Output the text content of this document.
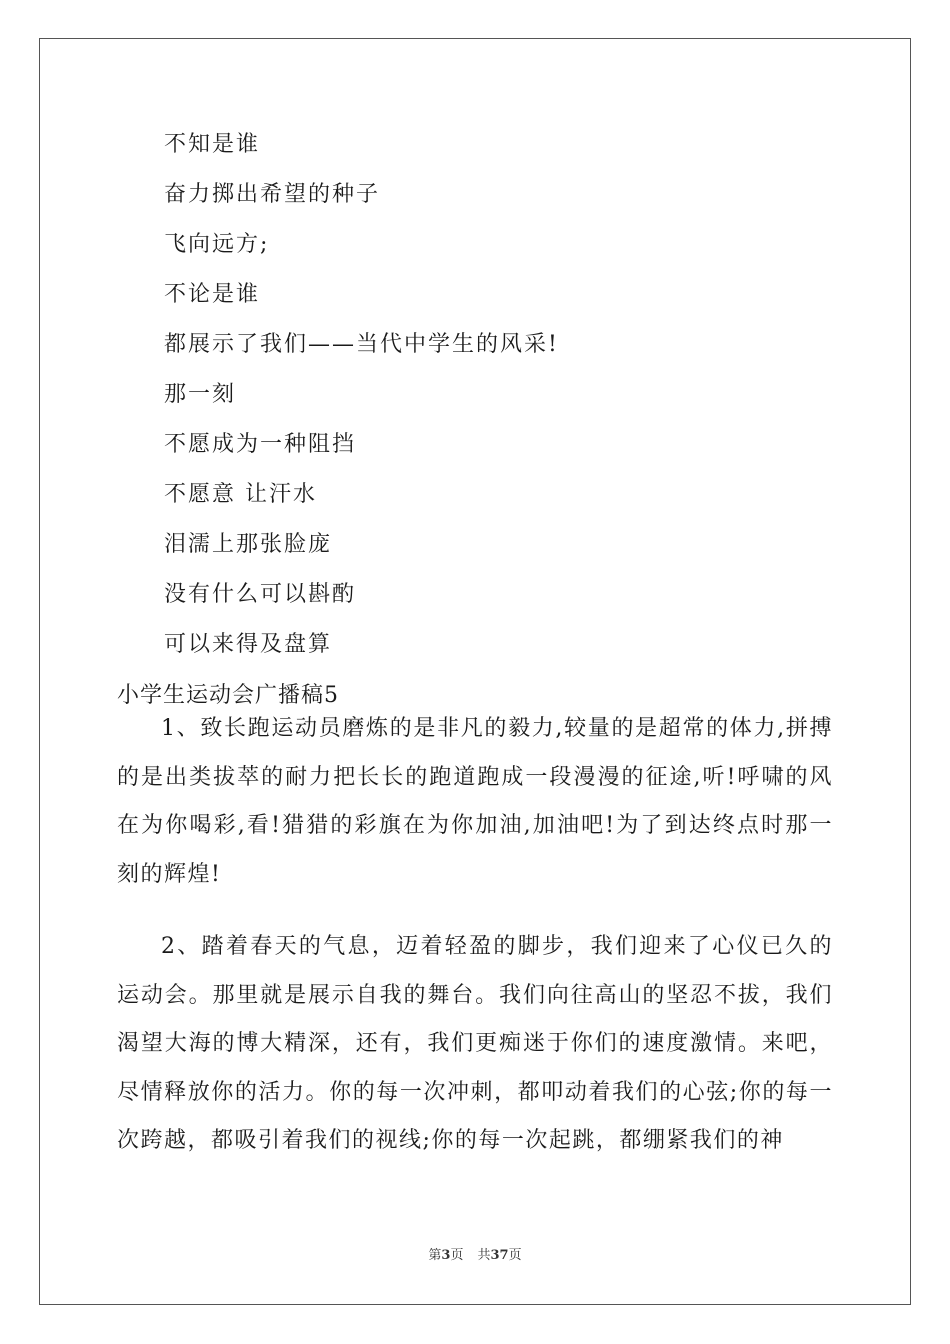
不知是谁
奋力掷出希望的种子
飞向远方;
不论是谁
都展示了我们——当代中学生的风采!
那一刻
不愿成为一种阻挡
不愿意 让汗水
泪濡上那张脸庞
没有什么可以斟酌
可以来得及盘算
小学生运动会广播稿5

1、致长跑运动员磨炼的是非凡的毅力,较量的是超常的体力,拼搏的是出类拔萃的耐力把长长的跑道跑成一段漫漫的征途,听!呼啸的风在为你喝彩,看!猎猎的彩旗在为你加油,加油吧!为了到达终点时那一刻的辉煌!

2、踏着春天的气息，迈着轻盈的脚步，我们迎来了心仪已久的运动会。那里就是展示自我的舞台。我们向往高山的坚忍不拔，我们渴望大海的博大精深，还有，我们更痴迷于你们的速度激情。来吧，尽情释放你的活力。你的每一次冲刺，都叩动着我们的心弦;你的每一次跨越，都吸引着我们的视线;你的每一次起跳，都绷紧我们的神

第3页 共37页
